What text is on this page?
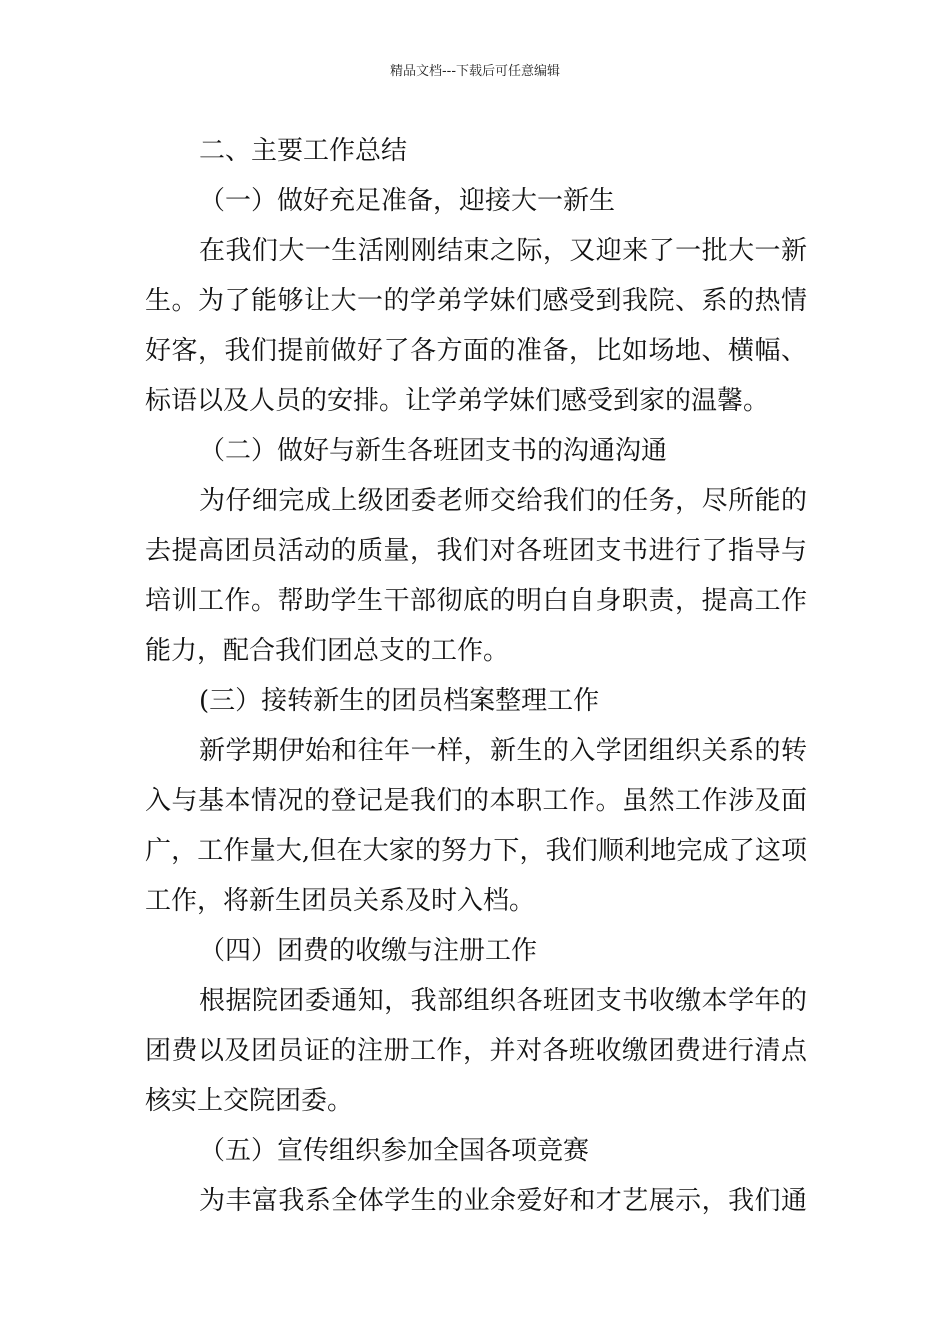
精品文档---下载后可任意编辑
二、主要工作总结
（一）做好充足准备，迎接大一新生
在我们大一生活刚刚结束之际，又迎来了一批大一新
生。为了能够让大一的学弟学妹们感受到我院、系的热情
好客，我们提前做好了各方面的准备，比如场地、横幅、
标语以及人员的安排。让学弟学妹们感受到家的温馨。
（二）做好与新生各班团支书的沟通沟通
为仔细完成上级团委老师交给我们的任务，尽所能的
去提高团员活动的质量，我们对各班团支书进行了指导与
培训工作。帮助学生干部彻底的明白自身职责，提高工作
能力，配合我们团总支的工作。
(三）接转新生的团员档案整理工作
新学期伊始和往年一样，新生的入学团组织关系的转
入与基本情况的登记是我们的本职工作。虽然工作涉及面
广，工作量大,但在大家的努力下，我们顺利地完成了这项
工作，将新生团员关系及时入档。
（四）团费的收缴与注册工作
根据院团委通知，我部组织各班团支书收缴本学年的
团费以及团员证的注册工作，并对各班收缴团费进行清点
核实上交院团委。
（五）宣传组织参加全国各项竞赛
为丰富我系全体学生的业余爱好和才艺展示，我们通
